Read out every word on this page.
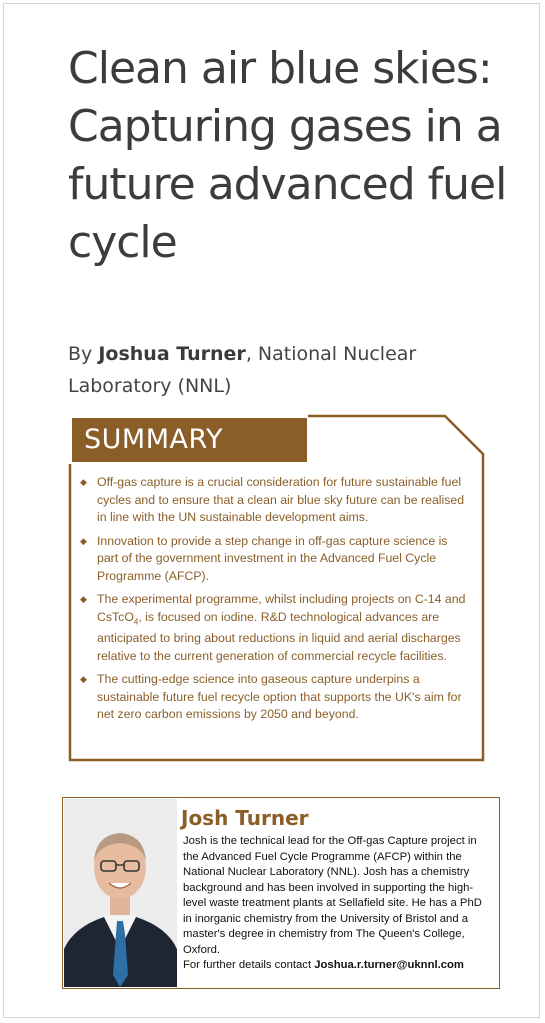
Clean air blue skies: Capturing gases in a future advanced fuel cycle
By Joshua Turner, National Nuclear Laboratory (NNL)
SUMMARY
◆ Off-gas capture is a crucial consideration for future sustainable fuel cycles and to ensure that a clean air blue sky future can be realised in line with the UN sustainable development aims.
◆ Innovation to provide a step change in off-gas capture science is part of the government investment in the Advanced Fuel Cycle Programme (AFCP).
◆ The experimental programme, whilst including projects on C-14 and CsTcO$_4$, is focused on iodine. R&D technological advances are anticipated to bring about reductions in liquid and aerial discharges relative to the current generation of commercial recycle facilities.
◆ The cutting-edge science into gaseous capture underpins a sustainable future fuel recycle option that supports the UK's aim for net zero carbon emissions by 2050 and beyond.
Josh Turner
Josh is the technical lead for the Off-gas Capture project in the Advanced Fuel Cycle Programme (AFCP) within the National Nuclear Laboratory (NNL). Josh has a chemistry background and has been involved in supporting the high-level waste treatment plants at Sellafield site. He has a PhD in inorganic chemistry from the University of Bristol and a master's degree in chemistry from The Queen's College, Oxford.
For further details contact Joshua.r.turner@uknnl.com
